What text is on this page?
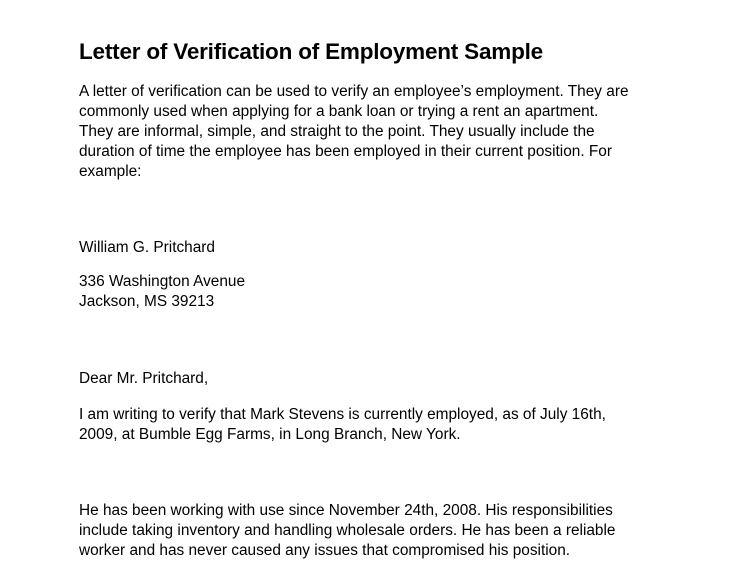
Letter of Verification of Employment Sample

A letter of verification can be used to verify an employee’s employment. They are
commonly used when applying for a bank loan or trying a rent an apartment.
They are informal, simple, and straight to the point. They usually include the
duration of time the employee has been employed in their current position. For
example:

William G. Pritchard

336 Washington Avenue
Jackson, MS 39213

Dear Mr. Pritchard,

I am writing to verify that Mark Stevens is currently employed, as of July 16th,
2009, at Bumble Egg Farms, in Long Branch, New York.

He has been working with use since November 24th, 2008. His responsibilities
include taking inventory and handling wholesale orders. He has been a reliable
worker and has never caused any issues that compromised his position.
